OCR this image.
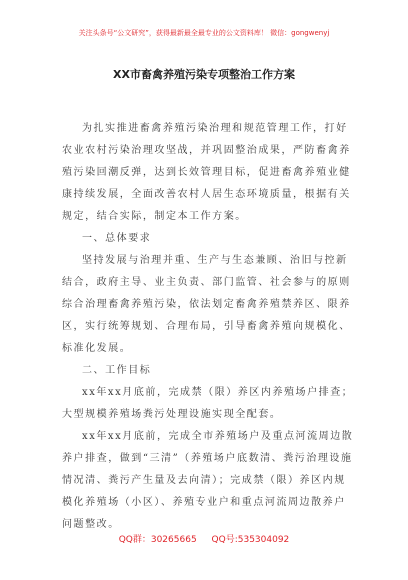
关注头条号“公文研究”，获得最新最全最专业的公文资料库！ 微信：gongwenyj
XX市畜禽养殖污染专项整治工作方案

为扎实推进畜禽养殖污染治理和规范管理工作，打好农业农村污染治理攻坚战，并巩固整治成果，严防畜禽养殖污染回潮反弹，达到长效管理目标，促进畜禽养殖业健康持续发展，全面改善农村人居生态环境质量，根据有关规定，结合实际，制定本工作方案。

一、总体要求

坚持发展与治理并重、生产与生态兼顾、治旧与控新结合，政府主导、业主负责、部门监管、社会参与的原则综合治理畜禽养殖污染，依法划定畜禽养殖禁养区、限养区，实行统筹规划、合理布局，引导畜禽养殖向规模化、标准化发展。

二、工作目标

xx年xx月底前，完成禁（限）养区内养殖场户排查；大型规模养殖场粪污处理设施实现全配套。

xx年xx月底前，完成全市养殖场户及重点河流周边散养户排查，做到“三清”（养殖场户底数清、粪污治理设施情况清、粪污产生量及去向清）；完成禁（限）养区内规模化养殖场（小区）、养殖专业户和重点河流周边散养户问题整改。

QQ群：30265665 QQ号:535304092
